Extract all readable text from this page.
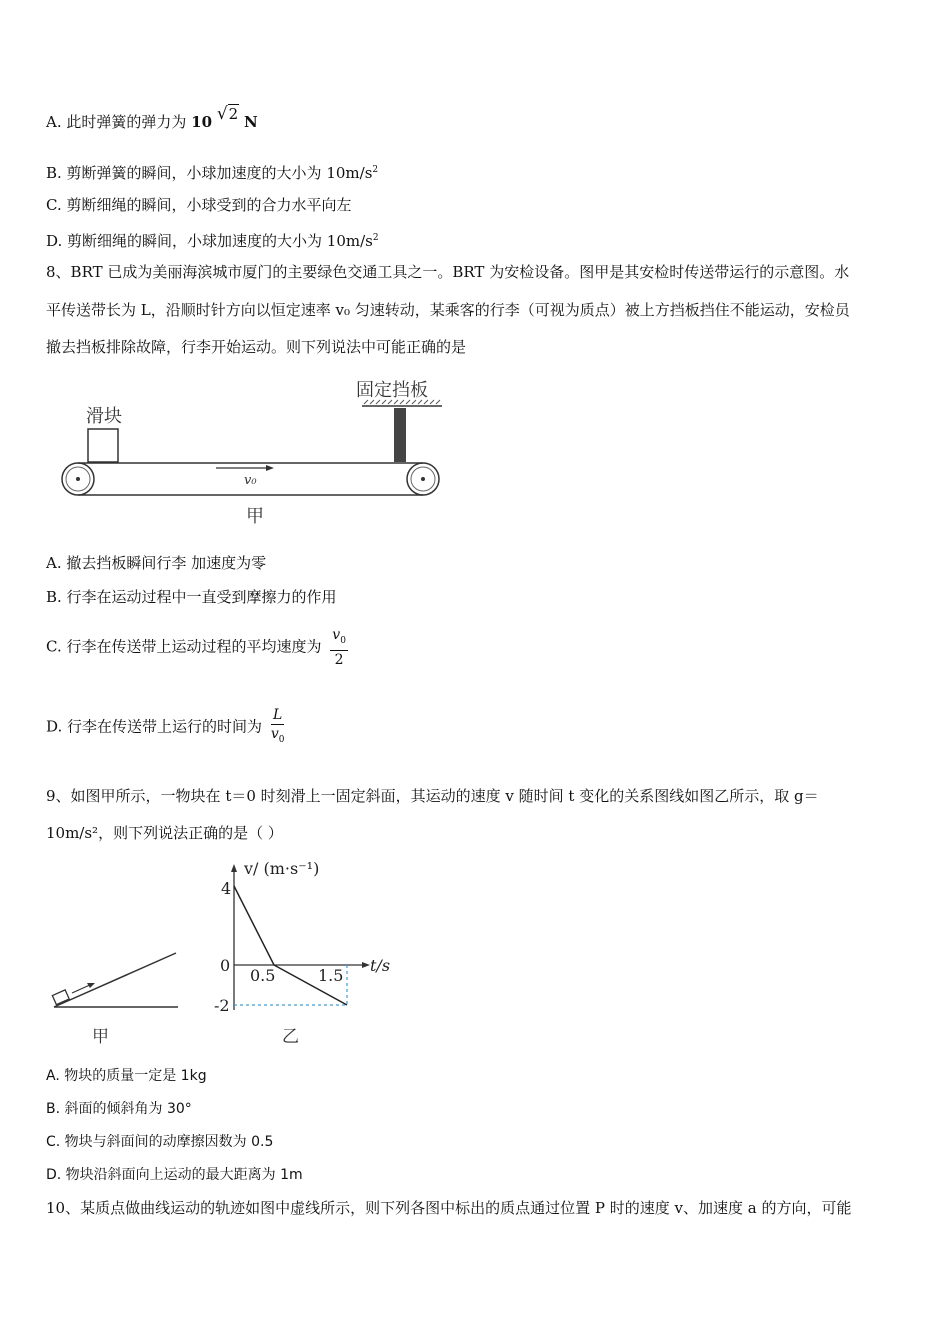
A. 此时弹簧的弹力为 10 √2 N
B. 剪断弹簧的瞬间，小球加速度的大小为 $10m/s^2$
C. 剪断细绳的瞬间，小球受到的合力水平向左
D. 剪断细绳的瞬间，小球加速度的大小为 $10m/s^2$
8、BRT 已成为美丽海滨城市厦门的主要绿色交通工具之一。BRT 为安检设备。图甲是其安检时传送带运行的示意图。水
平传送带长为 L，沿顺时针方向以恒定速率 v₀ 匀速转动，某乘客的行李（可视为质点）被上方挡板挡住不能运动，安检员
撤去挡板排除故障，行李开始运动。则下列说法中可能正确的是
滑块
固定挡板
v₀
甲
A. 撤去挡板瞬间行李 加速度为零
B. 行李在运动过程中一直受到摩擦力的作用
C. 行李在传送带上运动过程的平均速度为 $\frac{v_0}{2}$
D. 行李在传送带上运行的时间为 $\frac{L}{v_0}$
9、如图甲所示，一物块在 t＝0 时刻滑上一固定斜面，其运动的速度 v 随时间 t 变化的关系图线如图乙所示，取 g＝
10m/s²，则下列说法正确的是（ ）
甲
v/ (m·s⁻¹)
t/s
4
0
-2
0.5	1.5
乙
A. 物块的质量一定是 1kg
B. 斜面的倾斜角为 30°
C. 物块与斜面间的动摩擦因数为 0.5
D. 物块沿斜面向上运动的最大距离为 1m
10、某质点做曲线运动的轨迹如图中虚线所示，则下列各图中标出的质点通过位置 P 时的速度 v、加速度 a 的方向，可能
